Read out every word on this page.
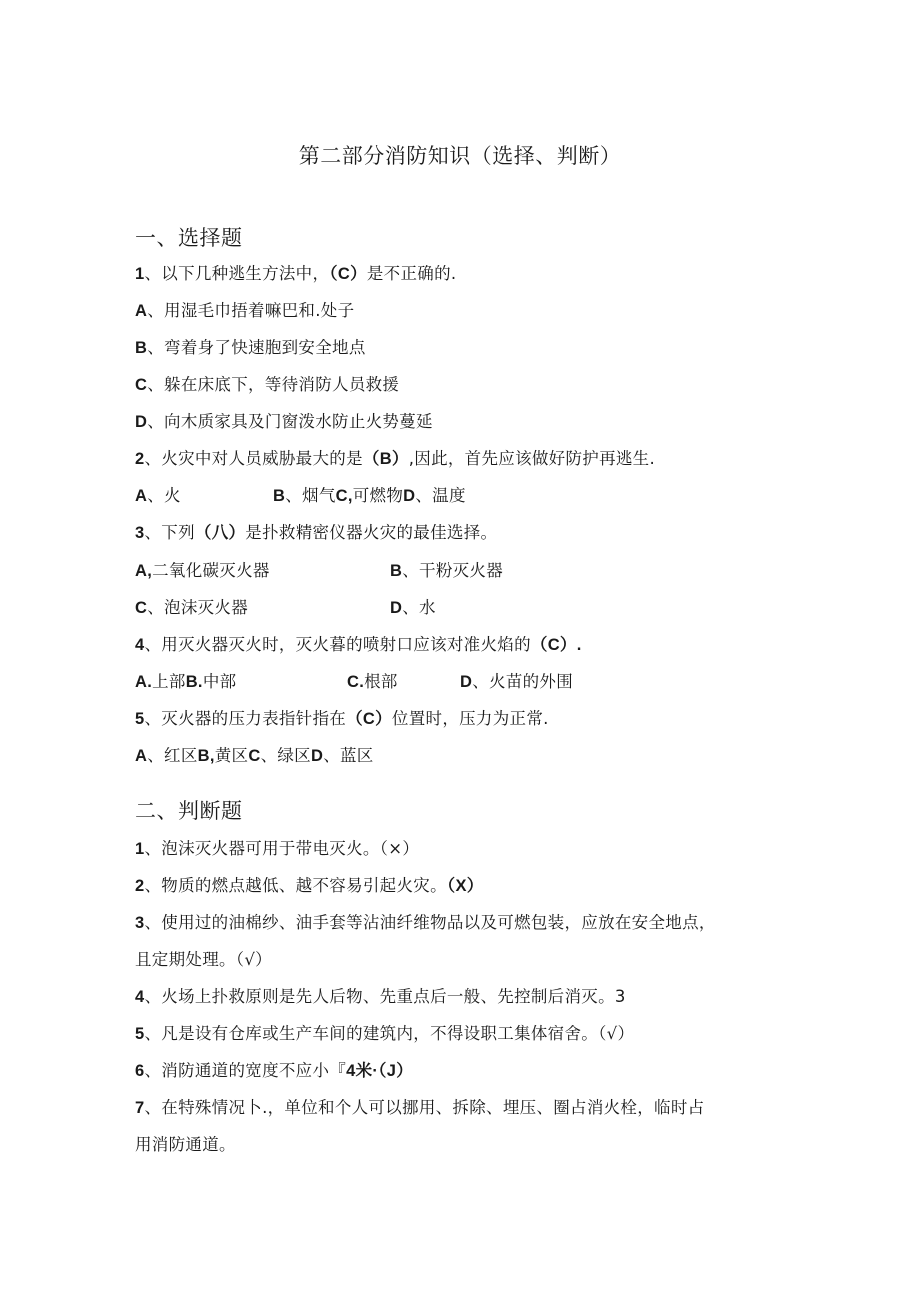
第二部分消防知识（选择、判断）
一、选择题
1、以下几种逃生方法中，（C）是不正确的.
A、用湿毛巾捂着嘛巴和.处子
B、弯着身了快速胞到安全地点
C、躲在床底下，等待消防人员救援
D、向木质家具及门窗泼水防止火势蔓延
2、火灾中对人员威胁最大的是（B）,因此，首先应该做好防护再逃生.
A、火	B、烟气C,可燃物D、温度
3、下列（八）是扑救精密仪器火灾的最佳选择。
A,二氧化碳灭火器	B、干粉灭火器
C、泡沫灭火器	D、水
4、用灭火器灭火时，灭火暮的喷射口应该对准火焰的（C）.
A.上部B.中部	C.根部	D、火苗的外围
5、灭火器的压力表指针指在（C）位置时，压力为正常.
A、红区B,黄区C、绿区D、蓝区
二、判断题
1、泡沫灭火器可用于带电灭火。（×）
2、物质的燃点越低、越不容易引起火灾。（X）
3、使用过的油棉纱、油手套等沾油纤维物品以及可燃包装，应放在安全地点，
且定期处理。（√）
4、火场上扑救原则是先人后物、先重点后一般、先控制后消灭。3
5、凡是设有仓库或生产车间的建筑内，不得设职工集体宿舍。（√）
6、消防通道的宽度不应小『4米·（J）
7、在特殊情况卜.，单位和个人可以挪用、拆除、埋压、圈占消火栓，临时占
用消防通道。
